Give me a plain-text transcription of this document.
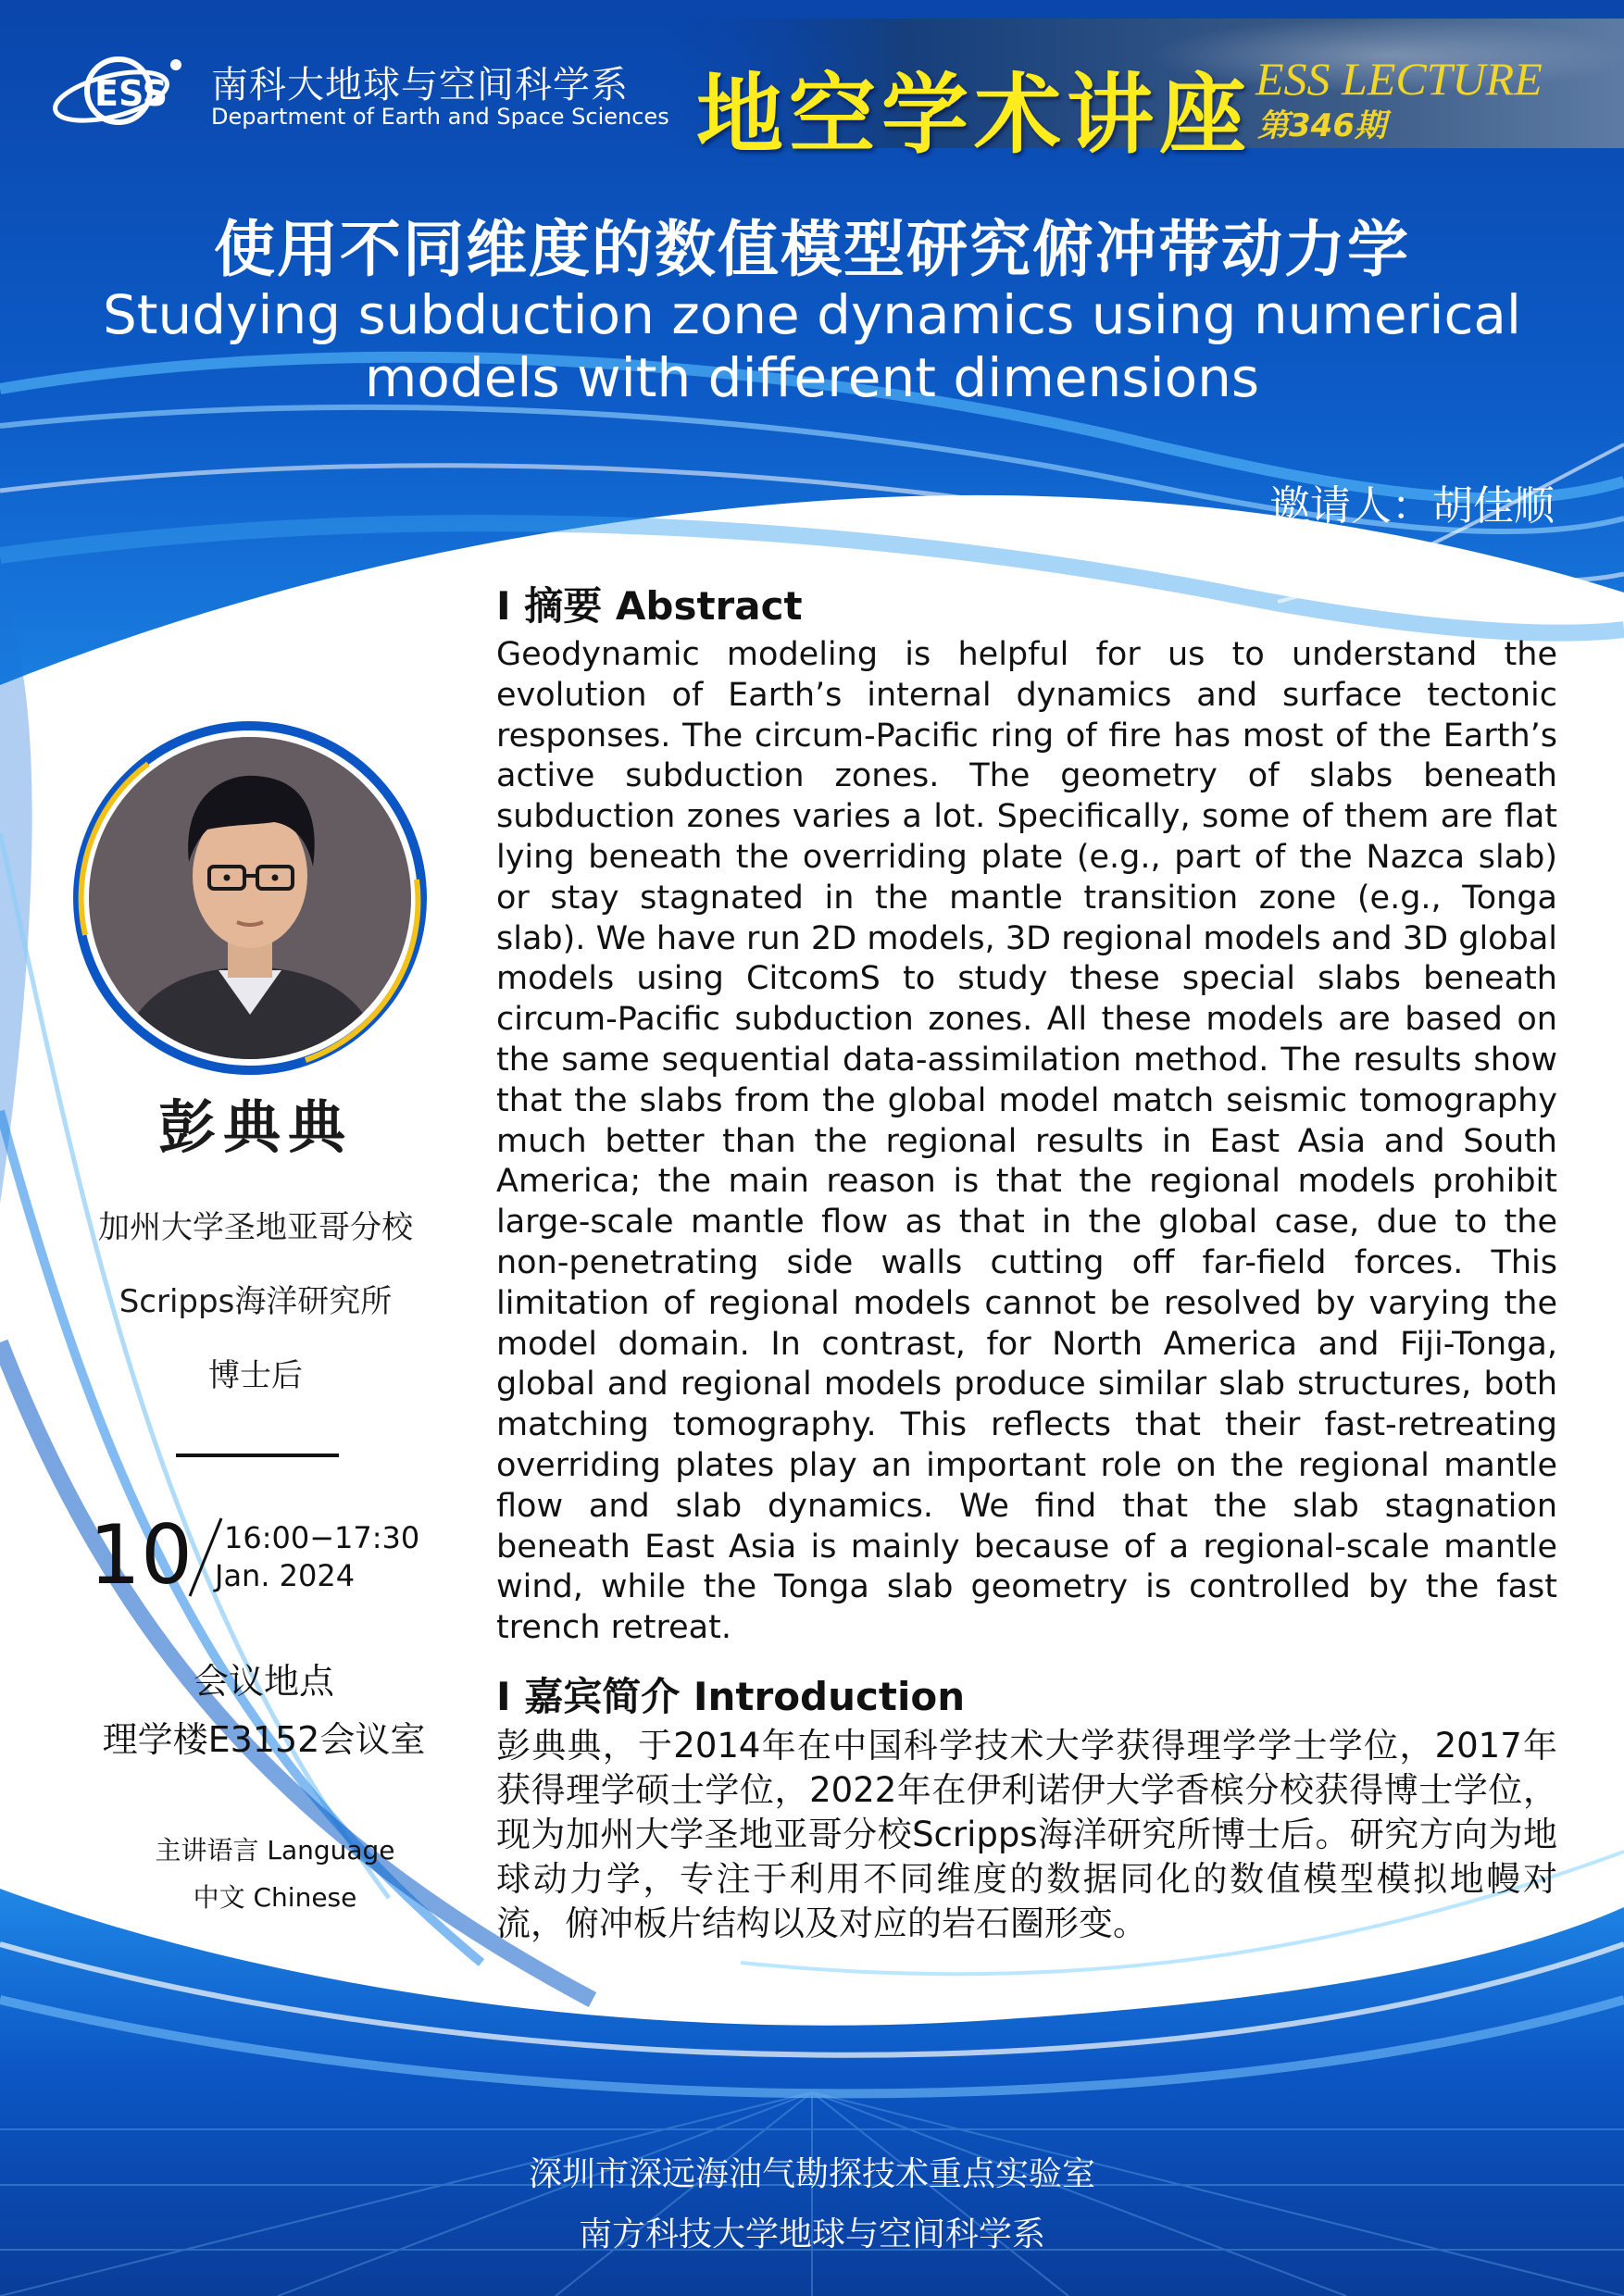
ESS 南科大地球与空间科学系
Department of Earth and Space Sciences 地空学术讲座 ESS LECTURE
第346期
使用不同维度的数值模型研究俯冲带动力学
Studying subduction zone dynamics using numerical models with different dimensions
邀请人：胡佳顺
彭典典
加州大学圣地亚哥分校
Scripps海洋研究所
博士后
10 16:00−17:30
Jan. 2024
会议地点
理学楼E3152会议室
主讲语言 Language
中文 Chinese
I 摘要 Abstract
Geodynamic modeling is helpful for us to understand the evolution of Earth’s internal dynamics and surface tectonic responses. The circum-Pacific ring of fire has most of the Earth’s active subduction zones. The geometry of slabs beneath subduction zones varies a lot. Specifically, some of them are flat lying beneath the overriding plate (e.g., part of the Nazca slab) or stay stagnated in the mantle transition zone (e.g., Tonga slab). We have run 2D models, 3D regional models and 3D global models using CitcomS to study these special slabs beneath circum-Pacific subduction zones. All these models are based on the same sequential data-assimilation method. The results show that the slabs from the global model match seismic tomography much better than the regional results in East Asia and South America; the main reason is that the regional models prohibit large-scale mantle flow as that in the global case, due to the non-penetrating side walls cutting off far-field forces. This limitation of regional models cannot be resolved by varying the model domain. In contrast, for North America and Fiji-Tonga, global and regional models produce similar slab structures, both matching tomography. This reflects that their fast-retreating overriding plates play an important role on the regional mantle flow and slab dynamics. We find that the slab stagnation beneath East Asia is mainly because of a regional-scale mantle wind, while the Tonga slab geometry is controlled by the fast trench retreat.
I 嘉宾简介 Introduction
彭典典，于2014年在中国科学技术大学获得理学学士学位，2017年获得理学硕士学位，2022年在伊利诺伊大学香槟分校获得博士学位，现为加州大学圣地亚哥分校Scripps海洋研究所博士后。研究方向为地球动力学，专注于利用不同维度的数据同化的数值模型模拟地幔对流，俯冲板片结构以及对应的岩石圈形变。
深圳市深远海油气勘探技术重点实验室
南方科技大学地球与空间科学系
